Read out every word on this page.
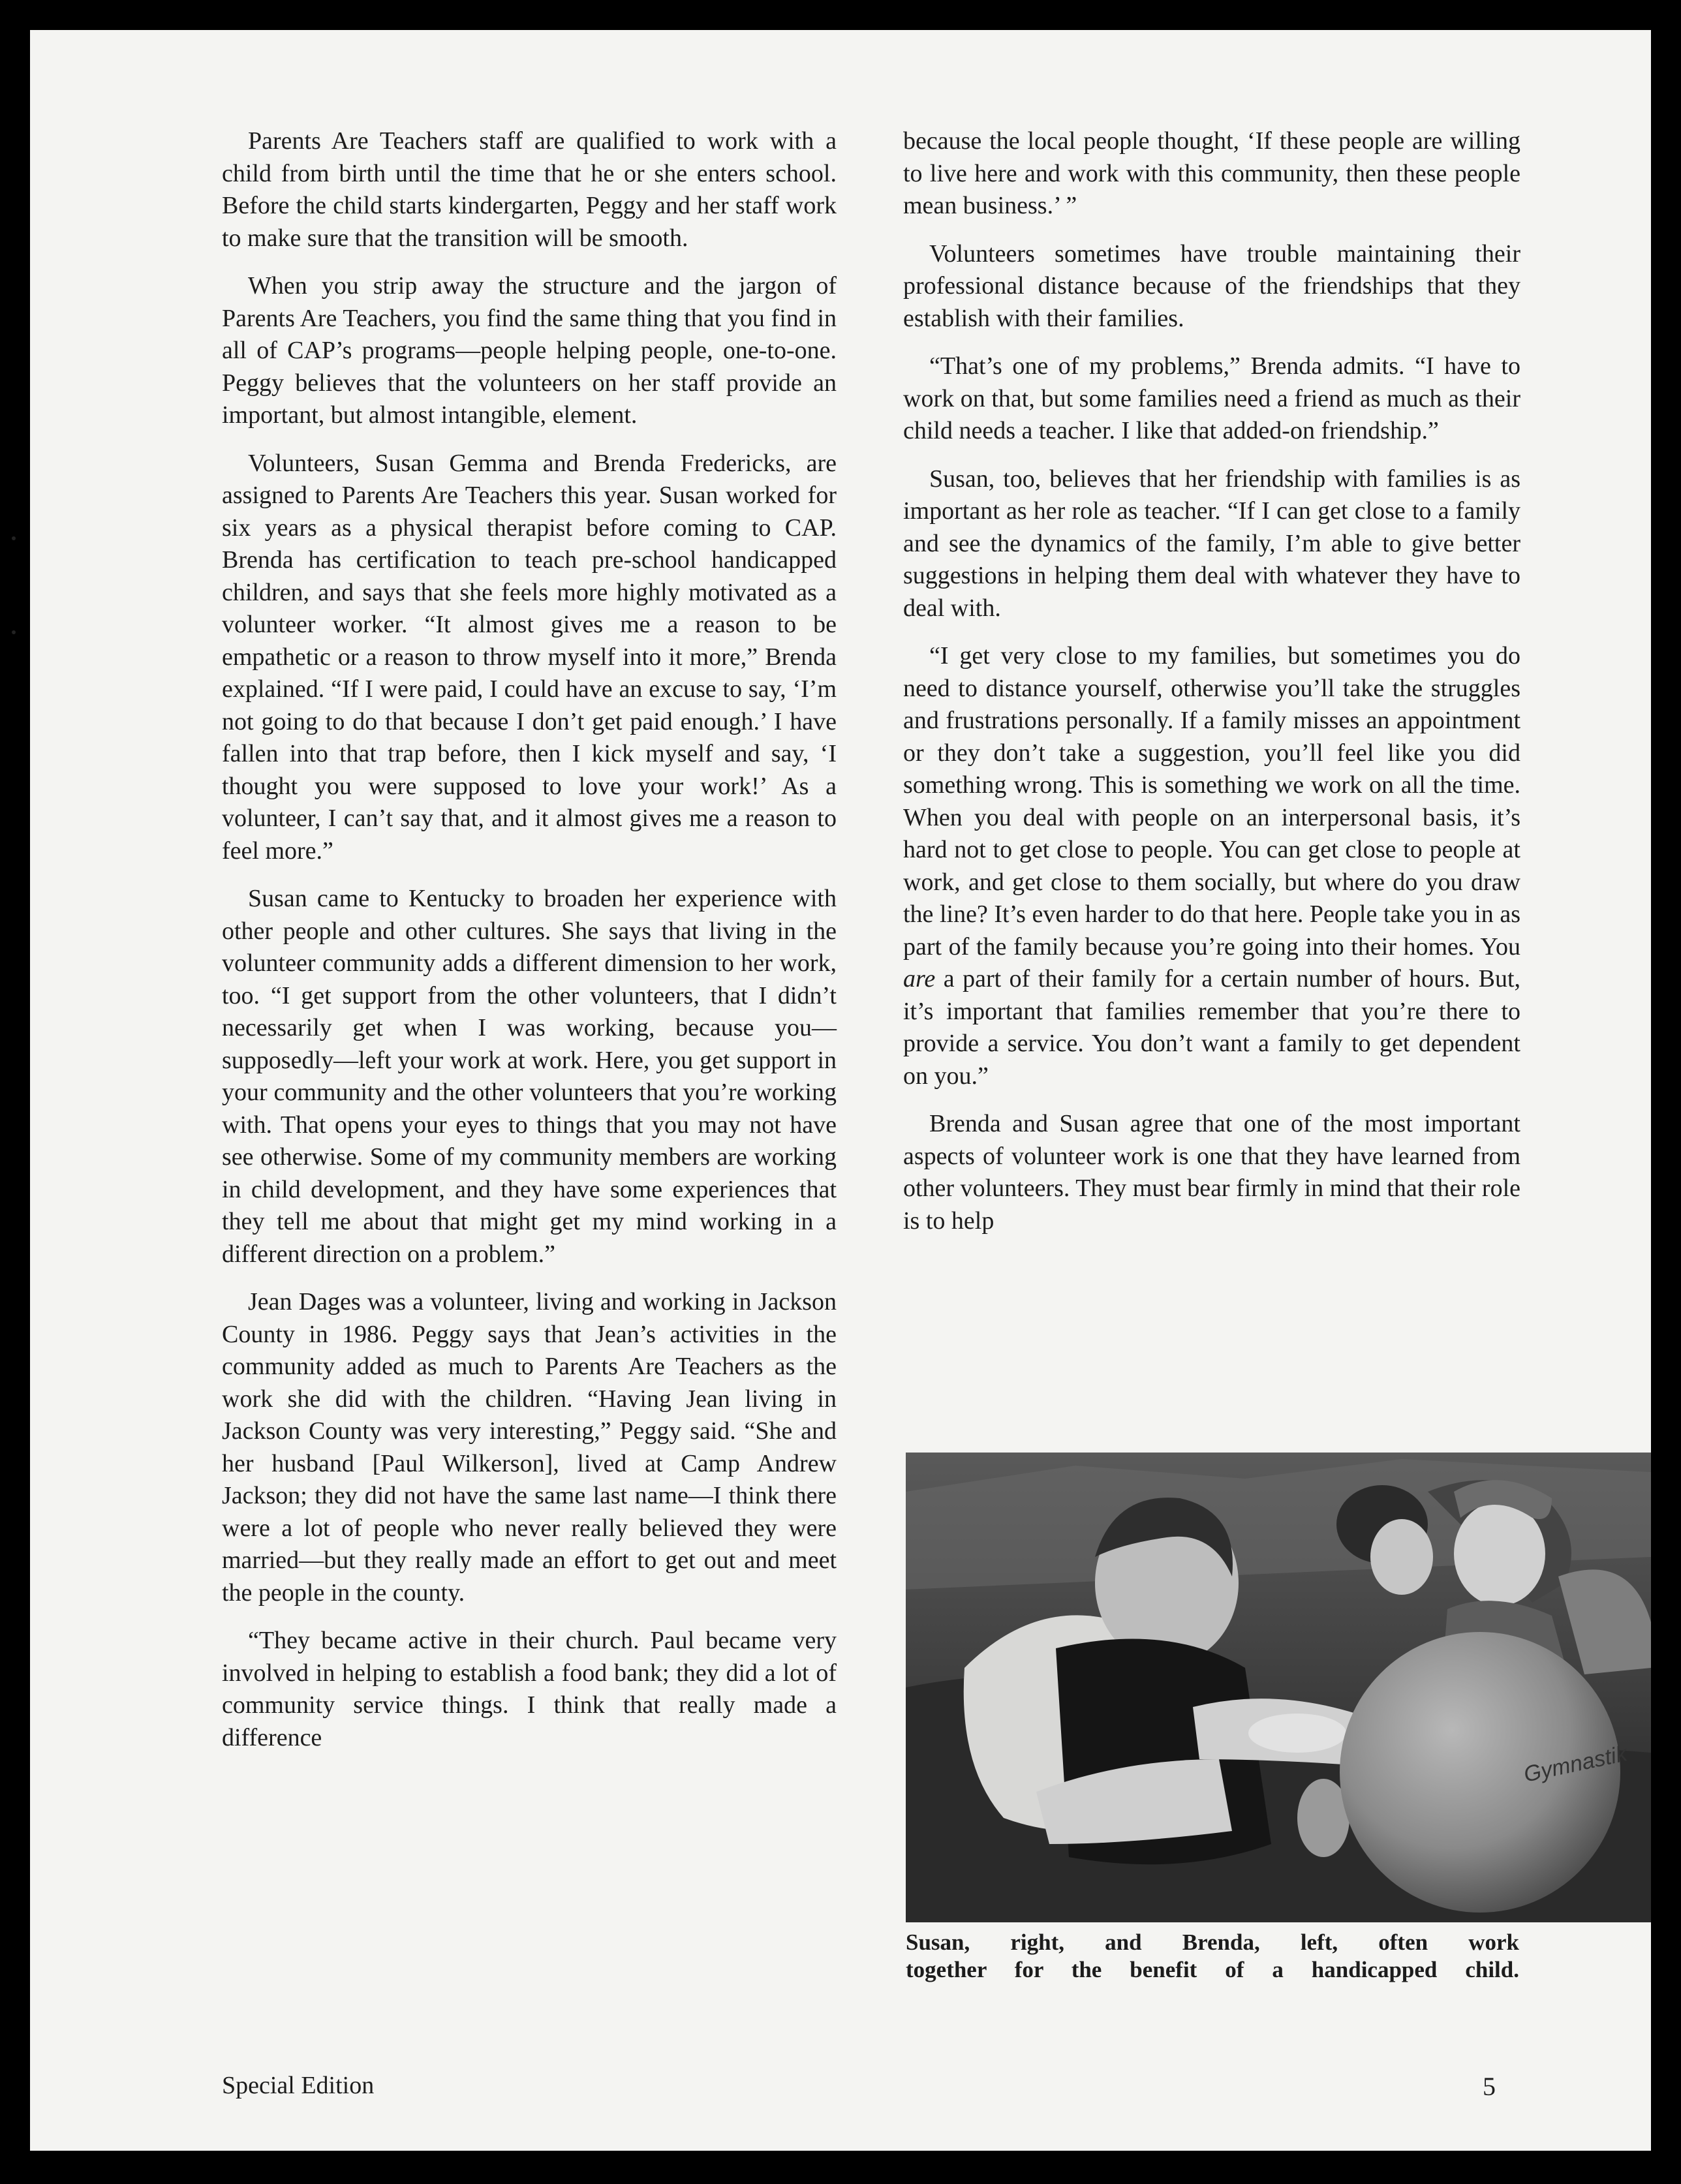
Parents Are Teachers staff are qualified to work with a child from birth until the time that he or she enters school. Before the child starts kindergarten, Peggy and her staff work to make sure that the transition will be smooth.

When you strip away the structure and the jargon of Parents Are Teachers, you find the same thing that you find in all of CAP’s programs—people helping people, one-to-one. Peggy believes that the volunteers on her staff provide an important, but almost intangible, element.

Volunteers, Susan Gemma and Brenda Fredericks, are assigned to Parents Are Teachers this year. Susan worked for six years as a physical therapist before coming to CAP. Brenda has certification to teach pre-school handicapped children, and says that she feels more highly motivated as a volunteer worker. “It almost gives me a reason to be empathetic or a reason to throw myself into it more,” Brenda explained. “If I were paid, I could have an excuse to say, ‘I’m not going to do that because I don’t get paid enough.’ I have fallen into that trap before, then I kick myself and say, ‘I thought you were supposed to love your work!’ As a volunteer, I can’t say that, and it almost gives me a reason to feel more.”

Susan came to Kentucky to broaden her experience with other people and other cultures. She says that living in the volunteer community adds a different dimension to her work, too. “I get support from the other volunteers, that I didn’t necessarily get when I was working, because you—supposedly—left your work at work. Here, you get support in your community and the other volunteers that you’re working with. That opens your eyes to things that you may not have see otherwise. Some of my community members are working in child development, and they have some experiences that they tell me about that might get my mind working in a different direction on a problem.”

Jean Dages was a volunteer, living and working in Jackson County in 1986. Peggy says that Jean’s activities in the community added as much to Parents Are Teachers as the work she did with the children. “Having Jean living in Jackson County was very interesting,” Peggy said. “She and her husband [Paul Wilkerson], lived at Camp Andrew Jackson; they did not have the same last name—I think there were a lot of people who never really believed they were married—but they really made an effort to get out and meet the people in the county.

“They became active in their church. Paul became very involved in helping to establish a food bank; they did a lot of community service things. I think that really made a difference

because the local people thought, ‘If these people are willing to live here and work with this community, then these people mean business.’ ”

Volunteers sometimes have trouble maintaining their professional distance because of the friendships that they establish with their families.

“That’s one of my problems,” Brenda admits. “I have to work on that, but some families need a friend as much as their child needs a teacher. I like that added-on friendship.”

Susan, too, believes that her friendship with families is as important as her role as teacher. “If I can get close to a family and see the dynamics of the family, I’m able to give better suggestions in helping them deal with whatever they have to deal with.

“I get very close to my families, but sometimes you do need to distance yourself, otherwise you’ll take the struggles and frustrations personally. If a family misses an appointment or they don’t take a suggestion, you’ll feel like you did something wrong. This is something we work on all the time. When you deal with people on an interpersonal basis, it’s hard not to get close to people. You can get close to people at work, and get close to them socially, but where do you draw the line? It’s even harder to do that here. People take you in as part of the family because you’re going into their homes. You are a part of their family for a certain number of hours. But, it’s important that families remember that you’re there to provide a service. You don’t want a family to get dependent on you.”

Brenda and Susan agree that one of the most important aspects of volunteer work is one that they have learned from other volunteers. They must bear firmly in mind that their role is to help

Gymnastik
Susan, right, and Brenda, left, often work
together for the benefit of a handicapped child.
Special Edition	5
